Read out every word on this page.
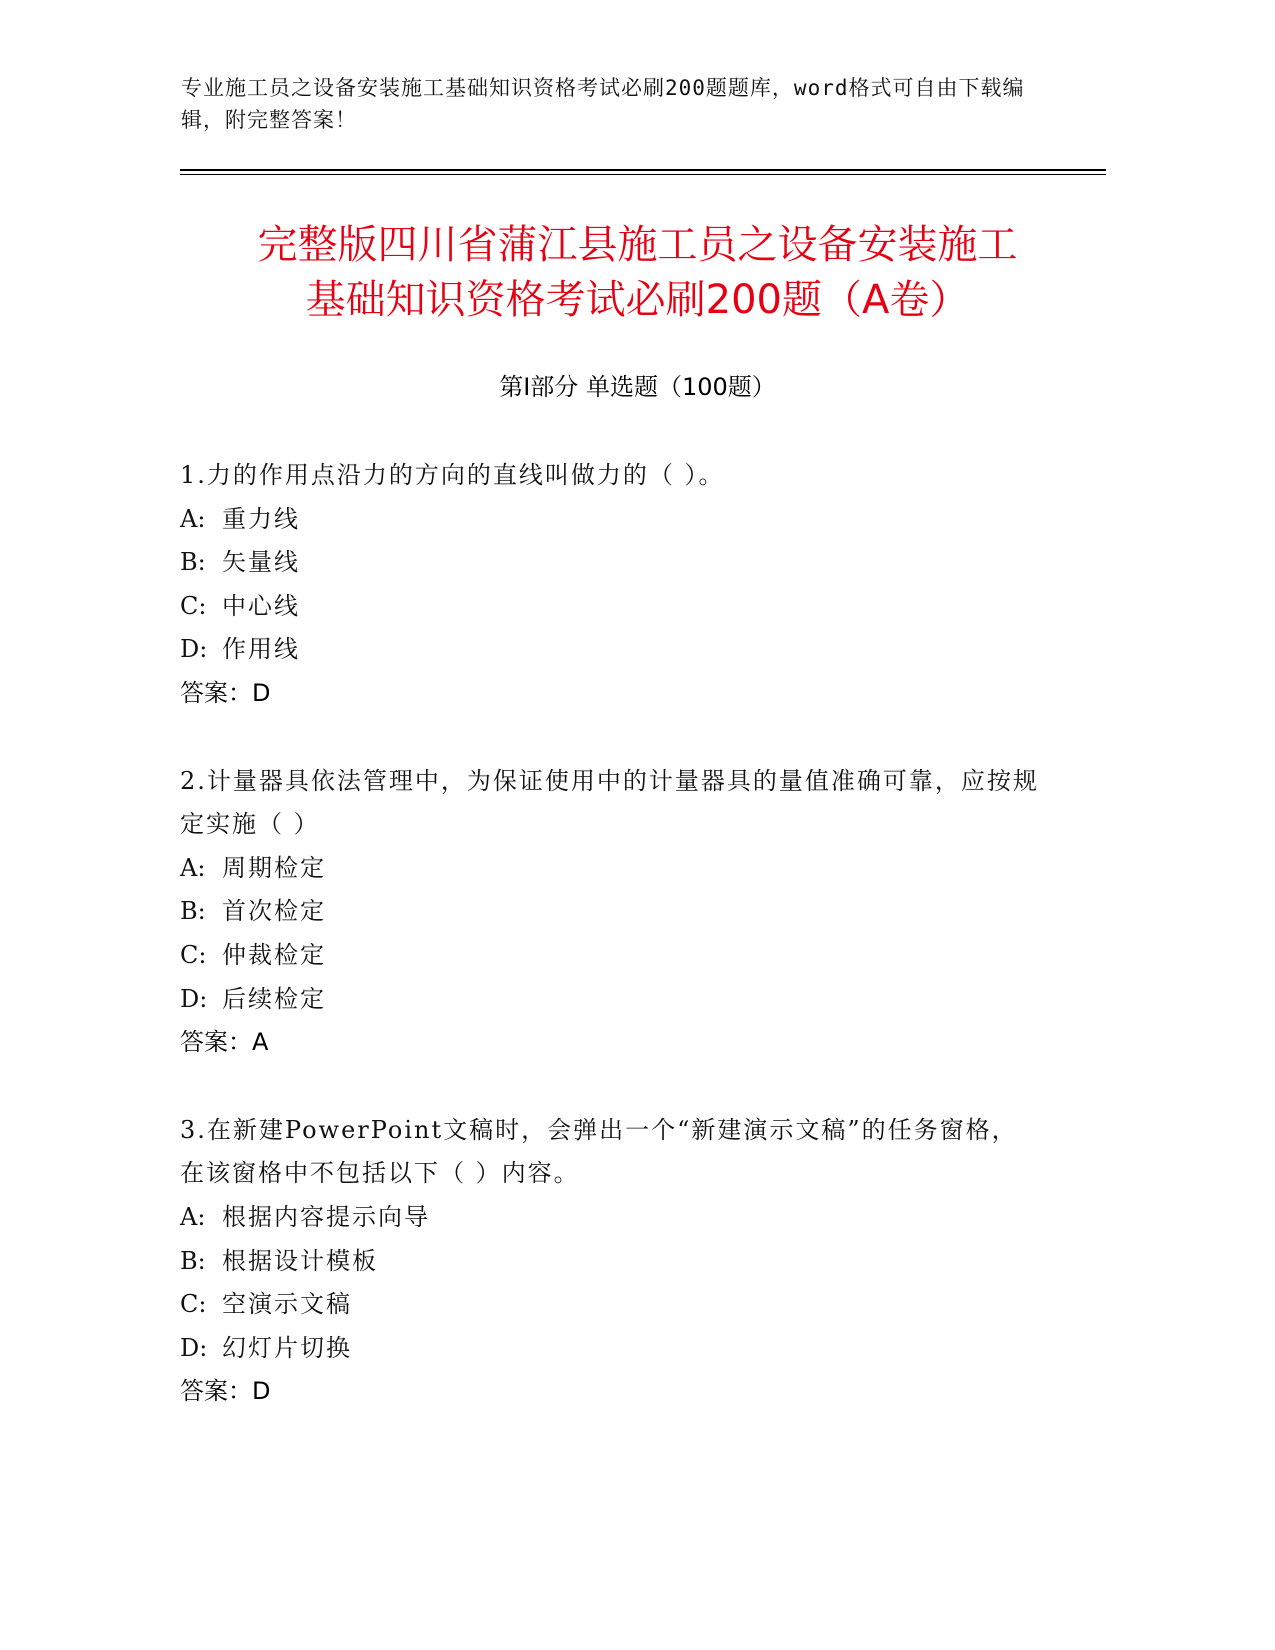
专业施工员之设备安装施工基础知识资格考试必刷200题题库，word格式可自由下载编辑，附完整答案！
完整版四川省蒲江县施工员之设备安装施工
基础知识资格考试必刷200题（A卷）
第I部分 单选题（100题）
1.力的作用点沿力的方向的直线叫做力的（ ）。
A: 重力线
B: 矢量线
C: 中心线
D: 作用线
答案：D
2.计量器具依法管理中，为保证使用中的计量器具的量值准确可靠，应按规定实施（ ）
A: 周期检定
B: 首次检定
C: 仲裁检定
D: 后续检定
答案：A
3.在新建PowerPoint文稿时，会弹出一个“新建演示文稿”的任务窗格，在该窗格中不包括以下（ ）内容。
A: 根据内容提示向导
B: 根据设计模板
C: 空演示文稿
D: 幻灯片切换
答案：D
